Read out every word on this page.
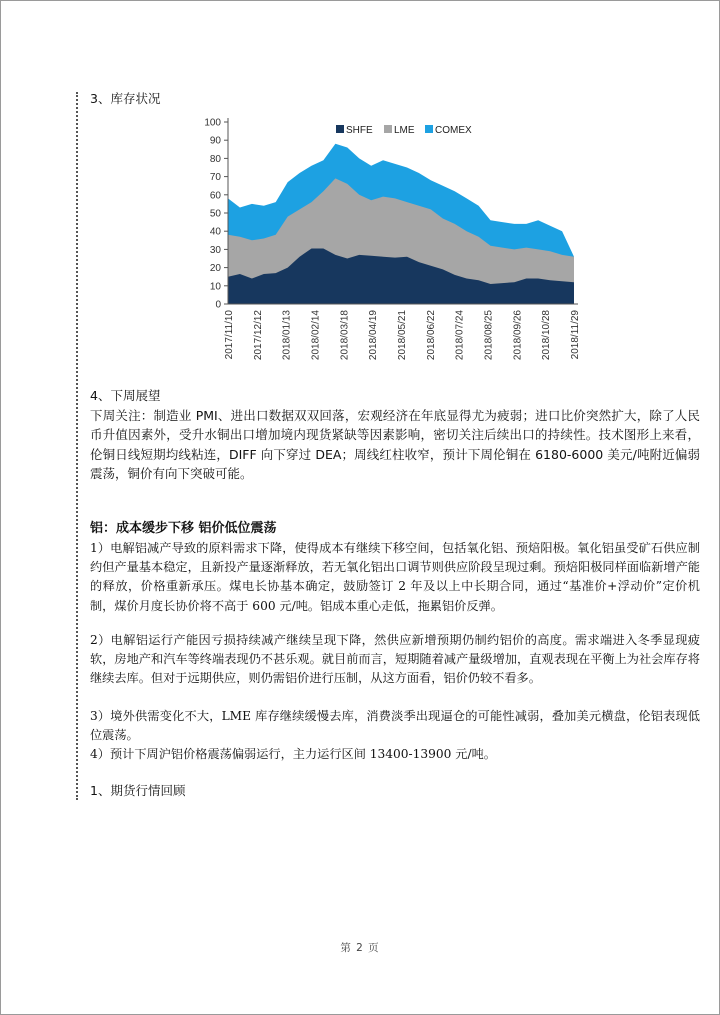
3、库存状况
0
10
20
30
40
50
60
70
80
90
100
2017/11/10 2017/12/12 2018/01/13 2018/02/14 2018/03/18 2018/04/19 2018/05/21 2018/06/22 2018/07/24 2018/08/25 2018/09/26 2018/10/28 2018/11/29
SHFE LME COMEX
4、下周展望
下周关注：制造业 PMI、进出口数据双双回落，宏观经济在年底显得尤为疲弱；进口比价突然扩大，除了人民币升值因素外，受升水铜出口增加境内现货紧缺等因素影响，密切关注后续出口的持续性。技术图形上来看，伦铜日线短期均线粘连，DIFF 向下穿过 DEA；周线红柱收窄，预计下周伦铜在 6180-6000 美元/吨附近偏弱震荡，铜价有向下突破可能。
铝：成本缓步下移 铝价低位震荡
1）电解铝减产导致的原料需求下降，使得成本有继续下移空间，包括氧化铝、预焙阳极。氧化铝虽受矿石供应制约但产量基本稳定，且新投产量逐渐释放，若无氧化铝出口调节则供应阶段呈现过剩。预焙阳极同样面临新增产能的释放，价格重新承压。煤电长协基本确定，鼓励签订 2 年及以上中长期合同，通过“基准价+浮动价”定价机制，煤价月度长协价将不高于 600 元/吨。铝成本重心走低，拖累铝价反弹。
2）电解铝运行产能因亏损持续减产继续呈现下降，然供应新增预期仍制约铝价的高度。需求端进入冬季显现疲软，房地产和汽车等终端表现仍不甚乐观。就目前而言，短期随着减产量级增加，直观表现在平衡上为社会库存将继续去库。但对于远期供应，则仍需铝价进行压制，从这方面看，铝价仍较不看多。
3）境外供需变化不大，LME 库存继续缓慢去库，消费淡季出现逼仓的可能性减弱，叠加美元横盘，伦铝表现低位震荡。
4）预计下周沪铝价格震荡偏弱运行，主力运行区间 13400-13900 元/吨。
1、期货行情回顾
第 2 页
